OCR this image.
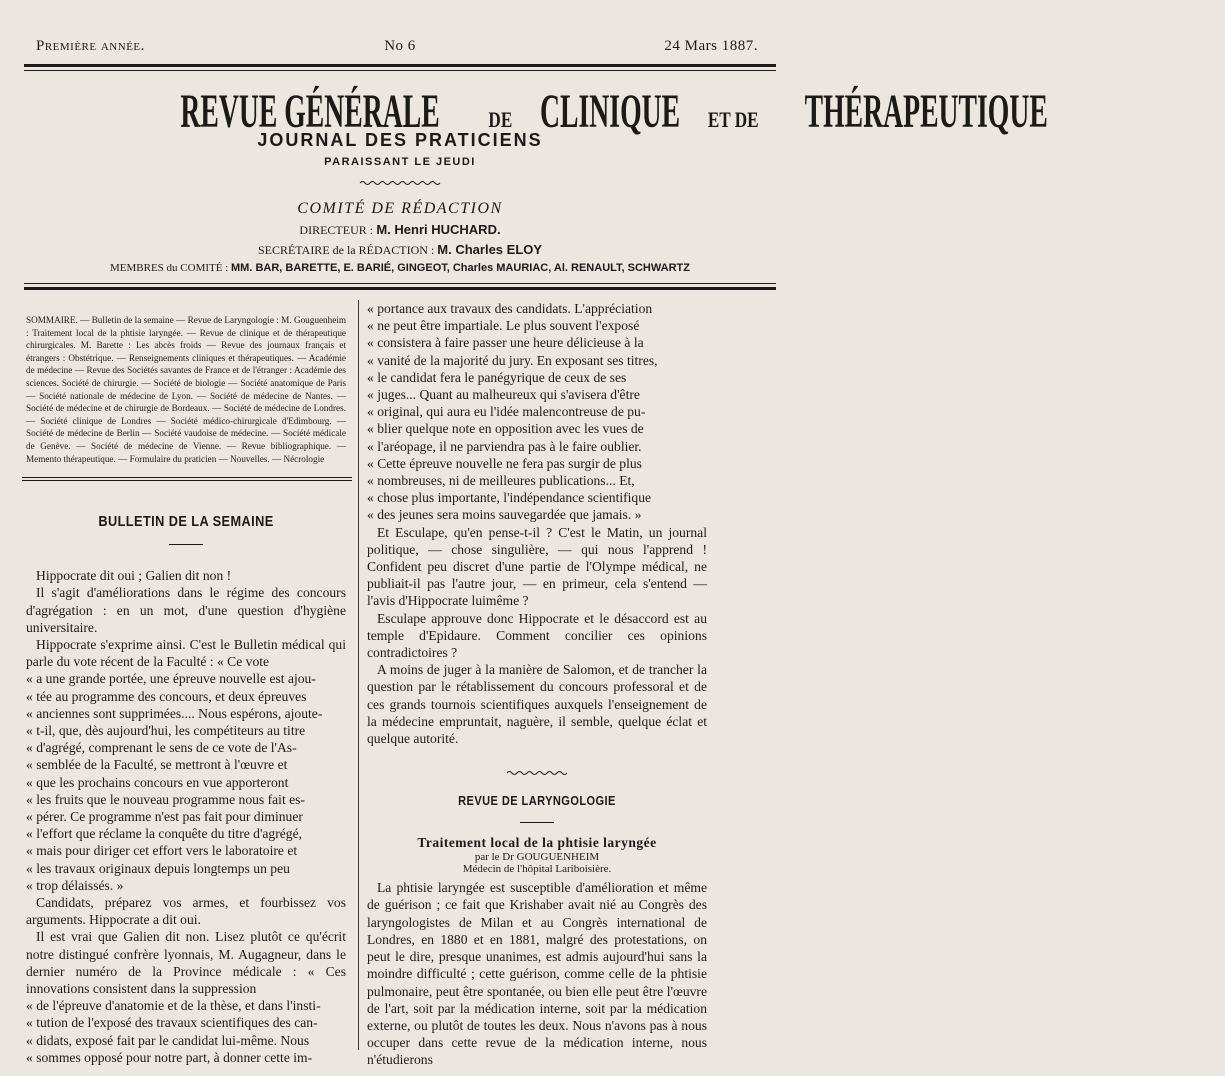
Première année.	No 6	24 Mars 1887.
REVUE GÉNÉRALE DE CLINIQUE ET DE THÉRAPEUTIQUE
JOURNAL DES PRATICIENS
PARAISSANT LE JEUDI
COMITÉ DE RÉDACTION
DIRECTEUR : M. Henri HUCHARD.
SECRÉTAIRE de la RÉDACTION : M. Charles ELOY
MEMBRES du COMITÉ : MM. BAR, BARETTE, E. BARIÉ, GINGEOT, Charles MAURIAC, Al. RENAULT, SCHWARTZ
SOMMAIRE. — Bulletin de la semaine — Revue de Laryngologie : M. Gouguenheim : Traitement local de la phtisie laryngée. — Revue de clinique et de thérapeutique chirurgicales. M. Barette : Les abcès froids — Revue des journaux français et étrangers : Obstétrique. — Renseignements cliniques et thérapeutiques. — Académie de médecine — Revue des Sociétés savantes de France et de l'étranger : Académie des sciences. Société de chirurgie. — Société de biologie — Société anatomique de Paris — Société nationale de médecine de Lyon. — Société de médecine de Nantes. — Société de médecine et de chirurgie de Bordeaux. — Société de médecine de Londres. — Société clinique de Londres — Société médico-chirurgicale d'Edimbourg. — Société de médecine de Berlin — Société vaudoise de médecine. — Société médicale de Genève. — Société de médecine de Vienne. — Revue bibliographique. — Memento thérapeutique. — Formulaire du praticien — Nouvelles. — Nécrologie
BULLETIN DE LA SEMAINE

Hippocrate dit oui ; Galien dit non !

Il s'agit d'améliorations dans le régime des concours d'agrégation : en un mot, d'une question d'hygiène universitaire.

Hippocrate s'exprime ainsi. C'est le Bulletin médical qui parle du vote récent de la Faculté : « Ce vote

« a une grande portée, une épreuve nouvelle est ajou-

« tée au programme des concours, et deux épreuves

« anciennes sont supprimées.... Nous espérons, ajoute-

« t-il, que, dès aujourd'hui, les compétiteurs au titre

« d'agrégé, comprenant le sens de ce vote de l'As-

« semblée de la Faculté, se mettront à l'œuvre et

« que les prochains concours en vue apporteront

« les fruits que le nouveau programme nous fait es-

« pérer. Ce programme n'est pas fait pour diminuer

« l'effort que réclame la conquête du titre d'agrégé,

« mais pour diriger cet effort vers le laboratoire et

« les travaux originaux depuis longtemps un peu

« trop délaissés. »

Candidats, préparez vos armes, et fourbissez vos arguments. Hippocrate a dit oui.

Il est vrai que Galien dit non. Lisez plutôt ce qu'écrit notre distingué confrère lyonnais, M. Augagneur, dans le dernier numéro de la Province médicale : « Ces innovations consistent dans la suppression

« de l'épreuve d'anatomie et de la thèse, et dans l'insti-

« tution de l'exposé des travaux scientifiques des can-

« didats, exposé fait par le candidat lui-même. Nous

« sommes opposé pour notre part, à donner cette im-

« portance aux travaux des candidats. L'appréciation

« ne peut être impartiale. Le plus souvent l'exposé

« consistera à faire passer une heure délicieuse à la

« vanité de la majorité du jury. En exposant ses titres,

« le candidat fera le panégyrique de ceux de ses

« juges... Quant au malheureux qui s'avisera d'être

« original, qui aura eu l'idée malencontreuse de pu-

« blier quelque note en opposition avec les vues de

« l'aréopage, il ne parviendra pas à le faire oublier.

« Cette épreuve nouvelle ne fera pas surgir de plus

« nombreuses, ni de meilleures publications... Et,

« chose plus importante, l'indépendance scientifique

« des jeunes sera moins sauvegardée que jamais. »

Et Esculape, qu'en pense-t-il ? C'est le Matin, un journal politique, — chose singulière, — qui nous l'apprend ! Confident peu discret d'une partie de l'Olympe médical, ne publiait-il pas l'autre jour, — en primeur, cela s'entend — l'avis d'Hippocrate luimême ?

Esculape approuve donc Hippocrate et le désaccord est au temple d'Epidaure. Comment concilier ces opinions contradictoires ?

A moins de juger à la manière de Salomon, et de trancher la question par le rétablissement du concours professoral et de ces grands tournois scientifiques auxquels l'enseignement de la médecine empruntait, naguère, il semble, quelque éclat et quelque autorité.

REVUE DE LARYNGOLOGIE
Traitement local de la phtisie laryngée
par le Dr GOUGUENHEIM
Médecin de l'hôpital Lariboisière.

La phtisie laryngée est susceptible d'amélioration et même de guérison ; ce fait que Krishaber avait nié au Congrès des laryngologistes de Milan et au Congrès international de Londres, en 1880 et en 1881, malgré des protestations, on peut le dire, presque unanimes, est admis aujourd'hui sans la moindre difficulté ; cette guérison, comme celle de la phtisie pulmonaire, peut être spontanée, ou bien elle peut être l'œuvre de l'art, soit par la médication interne, soit par la médication externe, ou plutôt de toutes les deux. Nous n'avons pas à nous occuper dans cette revue de la médication interne, nous n'étudierons
